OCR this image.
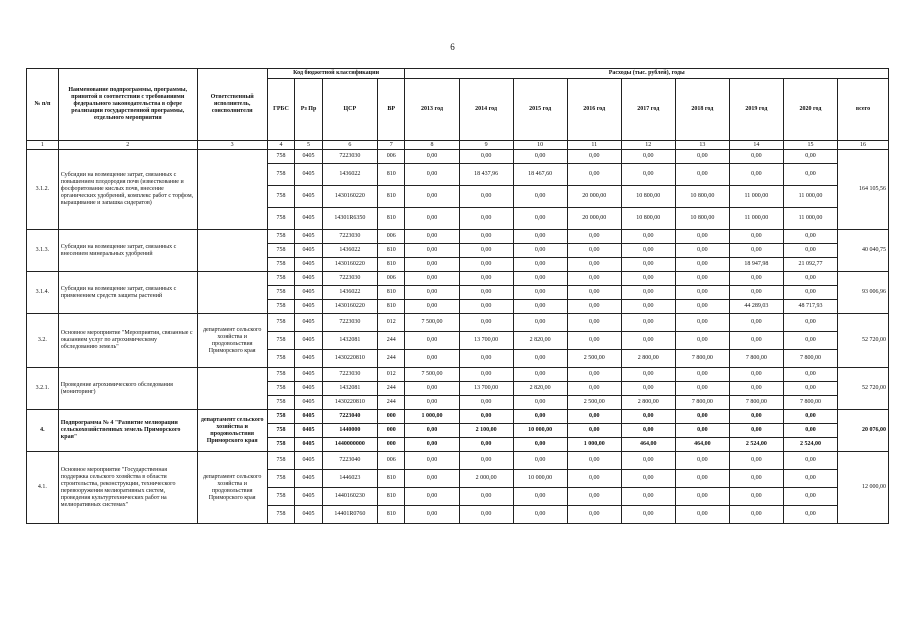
6
№ п/п	Наименование подпрограммы, программы, принятой в соответствии с требованиями федерального законодательства в сфере реализации государственной программы, отдельного мероприятия	Ответственный исполнитель, соисполнители	Код бюджетной классификации				Расходы (тыс. рублей), годы								
			ГРБС	Рз Пр	ЦСР	ВР	2013 год	2014 год	2015 год	2016 год	2017 год	2018 год	2019 год	2020 год	всего
1	2	3	4	5	6	7	8	9	10	11	12	13	14	15	16
3.1.2.	Субсидии на возмещение затрат, связанных с повышением плодородия почв (известкование и фосфоритование кислых почв, внесение органических удобрений, комплекс работ с торфом, выращивание и запашка сидератов)		758	0405	7223030	006	0,00	0,00	0,00	0,00	0,00	0,00	0,00	0,00	164 105,56
			758	0405	1436022	810	0,00	18 437,96	18 467,60	0,00	0,00	0,00	0,00	0,00	
			758	0405	1430160220	810	0,00	0,00	0,00	20 000,00	10 800,00	10 800,00	11 000,00	11 000,00	
			758	0405	14301R6350	810	0,00	0,00	0,00	20 000,00	10 800,00	10 800,00	11 000,00	11 000,00	
3.1.3.	Субсидии на возмещение затрат, связанных с внесением минеральных удобрений		758	0405	7223030	006	0,00	0,00	0,00	0,00	0,00	0,00	0,00	0,00	40 040,75
			758	0405	1436022	810	0,00	0,00	0,00	0,00	0,00	0,00	0,00	0,00	
			758	0405	1430160220	810	0,00	0,00	0,00	0,00	0,00	0,00	18 947,98	21 092,77	
3.1.4.	Субсидии на возмещение затрат, связанных с применением средств защиты растений		758	0405	7223030	006	0,00	0,00	0,00	0,00	0,00	0,00	0,00	0,00	93 006,96
			758	0405	1436022	810	0,00	0,00	0,00	0,00	0,00	0,00	0,00	0,00	
			758	0405	1430160220	810	0,00	0,00	0,00	0,00	0,00	0,00	44 289,03	48 717,93	
3.2.	Основное мероприятие "Мероприятия, связанные с оказанием услуг по агрохимическому обследованию земель"	департамент сельского хозяйства и продовольствия Приморского края	758	0405	7223030	012	7 500,00	0,00	0,00	0,00	0,00	0,00	0,00	0,00	52 720,00
			758	0405	1432081	244	0,00	13 700,00	2 820,00	0,00	0,00	0,00	0,00	0,00	
			758	0405	1430220810	244	0,00	0,00	0,00	2 500,00	2 800,00	7 800,00	7 800,00	7 800,00	
3.2.1.	Проведение агрохимического обследования (мониторинг)		758	0405	7223030	012	7 500,00	0,00	0,00	0,00	0,00	0,00	0,00	0,00	52 720,00
			758	0405	1432081	244	0,00	13 700,00	2 820,00	0,00	0,00	0,00	0,00	0,00	
			758	0405	1430220810	244	0,00	0,00	0,00	2 500,00	2 800,00	7 800,00	7 800,00	7 800,00	
4.	Подпрограмма № 4 "Развитие мелиорации сельскохозяйственных земель Приморского края"	департамент сельского хозяйства и продовольствия Приморского края	758	0405	7223040	000	1 000,00	0,00	0,00	0,00	0,00	0,00	0,00	0,00	20 076,00
			758	0405	1440000	000	0,00	2 100,00	10 000,00	0,00	0,00	0,00	0,00	0,00	
			758	0405	1440000000	000	0,00	0,00	0,00	1 000,00	464,00	464,00	2 524,00	2 524,00	
4.1.	Основное мероприятие "Государственная поддержка сельского хозяйства в области строительства, реконструкции, технического перевооружения мелиоративных систем, проведения культуртехнических работ на мелиоративных системах"	департамент сельского хозяйства и продовольствия Приморского края	758	0405	7223040	006	0,00	0,00	0,00	0,00	0,00	0,00	0,00	0,00	12 000,00
			758	0405	1446023	810	0,00	2 000,00	10 000,00	0,00	0,00	0,00	0,00	0,00	
			758	0405	1440160230	810	0,00	0,00	0,00	0,00	0,00	0,00	0,00	0,00	
			758	0405	14401R0760	810	0,00	0,00	0,00	0,00	0,00	0,00	0,00	0,00	
